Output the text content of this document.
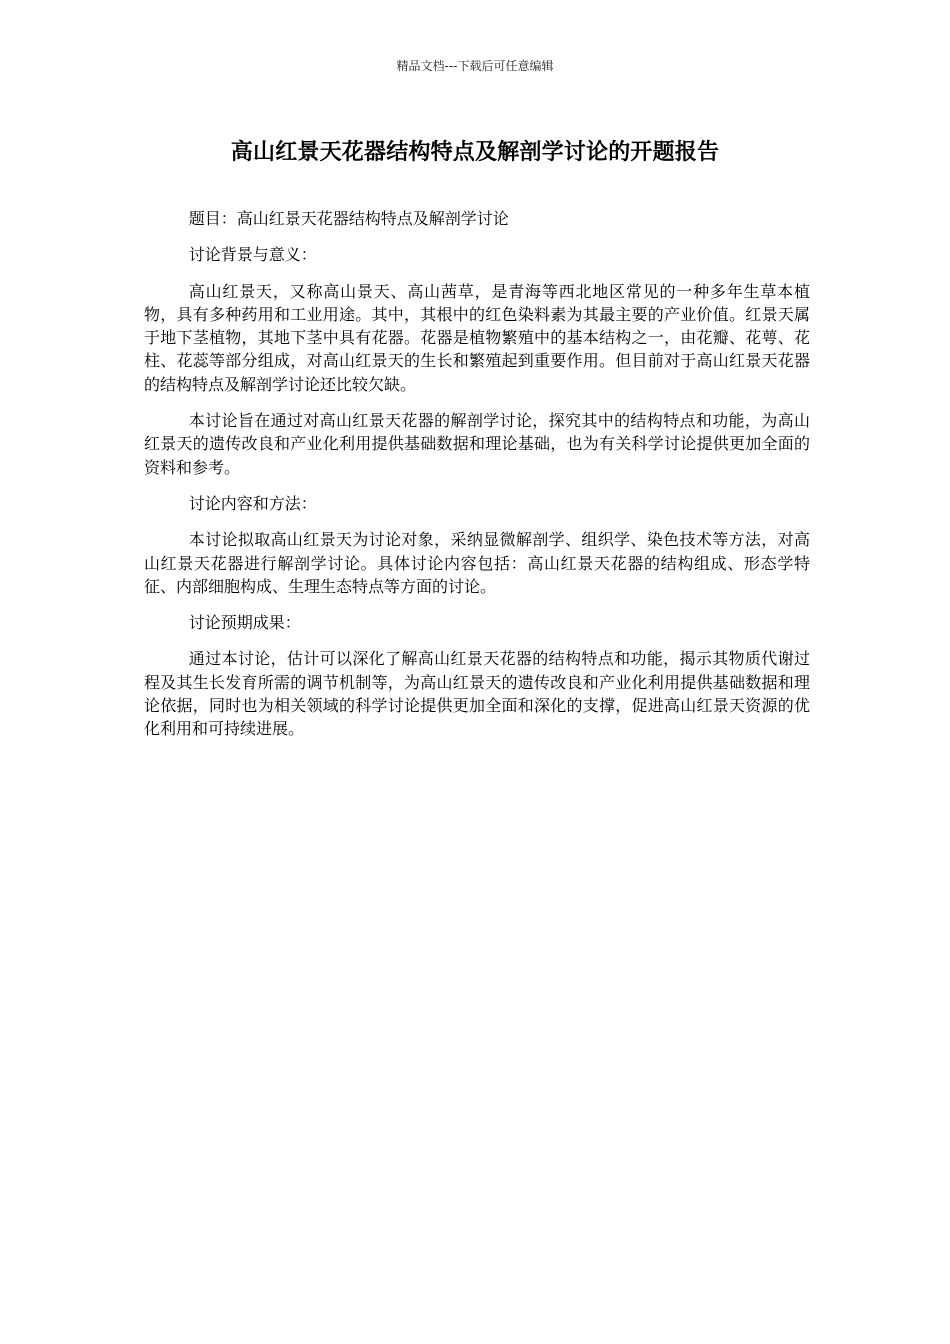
精品文档---下载后可任意编辑
高山红景天花器结构特点及解剖学讨论的开题报告

题目：高山红景天花器结构特点及解剖学讨论

讨论背景与意义：

高山红景天，又称高山景天、高山茜草，是青海等西北地区常见的一种多年生草本植物，具有多种药用和工业用途。其中，其根中的红色染料素为其最主要的产业价值。红景天属于地下茎植物，其地下茎中具有花器。花器是植物繁殖中的基本结构之一，由花瓣、花萼、花柱、花蕊等部分组成，对高山红景天的生长和繁殖起到重要作用。但目前对于高山红景天花器的结构特点及解剖学讨论还比较欠缺。

本讨论旨在通过对高山红景天花器的解剖学讨论，探究其中的结构特点和功能，为高山红景天的遗传改良和产业化利用提供基础数据和理论基础，也为有关科学讨论提供更加全面的资料和参考。

讨论内容和方法：

本讨论拟取高山红景天为讨论对象，采纳显微解剖学、组织学、染色技术等方法，对高山红景天花器进行解剖学讨论。具体讨论内容包括：高山红景天花器的结构组成、形态学特征、内部细胞构成、生理生态特点等方面的讨论。

讨论预期成果：

通过本讨论，估计可以深化了解高山红景天花器的结构特点和功能，揭示其物质代谢过程及其生长发育所需的调节机制等，为高山红景天的遗传改良和产业化利用提供基础数据和理论依据，同时也为相关领域的科学讨论提供更加全面和深化的支撑，促进高山红景天资源的优化利用和可持续进展。
